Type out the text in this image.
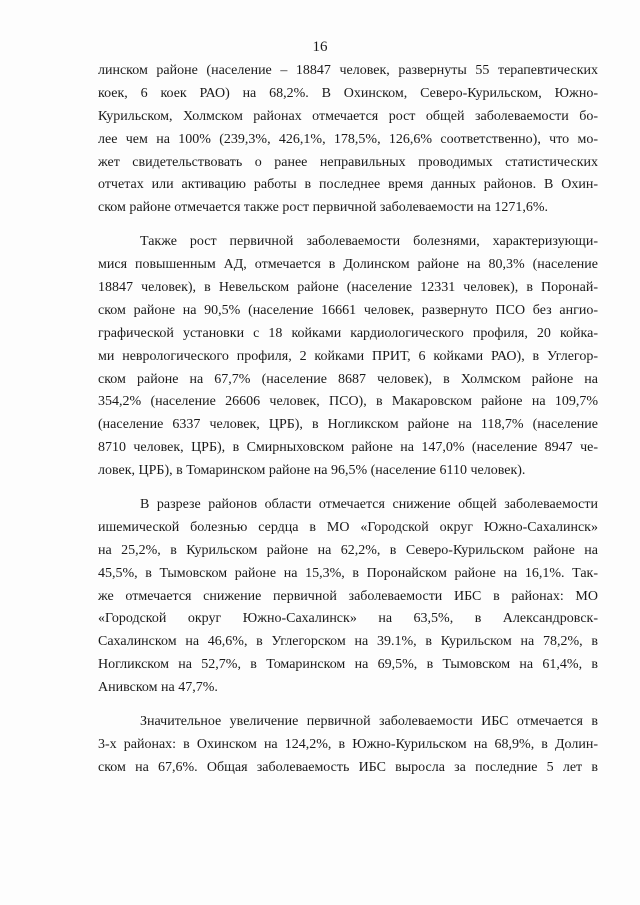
16
линском районе (население – 18847 человек, развернуты 55 терапевтических
коек, 6 коек РАО) на 68,2%. В Охинском, Северо-Курильском, Южно-
Курильском, Холмском районах отмечается рост общей заболеваемости бо-
лее чем на 100% (239,3%, 426,1%, 178,5%, 126,6% соответственно), что мо-
жет свидетельствовать о ранее неправильных проводимых статистических
отчетах или активацию работы в последнее время данных районов. В Охин-
ском районе отмечается также рост первичной заболеваемости на 1271,6%.
Также рост первичной заболеваемости болезнями, характеризующи-
мися повышенным АД, отмечается в Долинском районе на 80,3% (население
18847 человек), в Невельском районе (население 12331 человек), в Поронай-
ском районе на 90,5% (население 16661 человек, развернуто ПСО без ангио-
графической установки с 18 койками кардиологического профиля, 20 койка-
ми неврологического профиля, 2 койками ПРИТ, 6 койками РАО), в Углегор-
ском районе на 67,7% (население 8687 человек), в Холмском районе на
354,2% (население 26606 человек, ПСО), в Макаровском районе на 109,7%
(население 6337 человек, ЦРБ), в Ногликском районе на 118,7% (население
8710 человек, ЦРБ), в Смирныховском районе на 147,0% (население 8947 че-
ловек, ЦРБ), в Томаринском районе на 96,5% (население 6110 человек).
В разрезе районов области отмечается снижение общей заболеваемости
ишемической болезнью сердца в МО «Городской округ Южно-Сахалинск»
на 25,2%, в Курильском районе на 62,2%, в Северо-Курильском районе на
45,5%, в Тымовском районе на 15,3%, в Поронайском районе на 16,1%. Так-
же отмечается снижение первичной заболеваемости ИБС в районах: МО
«Городской округ Южно-Сахалинск» на 63,5%, в Александровск-
Сахалинском на 46,6%, в Углегорском на 39.1%, в Курильском на 78,2%, в
Ногликском на 52,7%, в Томаринском на 69,5%, в Тымовском на 61,4%, в
Анивском на 47,7%.
Значительное увеличение первичной заболеваемости ИБС отмечается в
3-х районах: в Охинском на 124,2%, в Южно-Курильском на 68,9%, в Долин-
ском на 67,6%. Общая заболеваемость ИБС выросла за последние 5 лет в
